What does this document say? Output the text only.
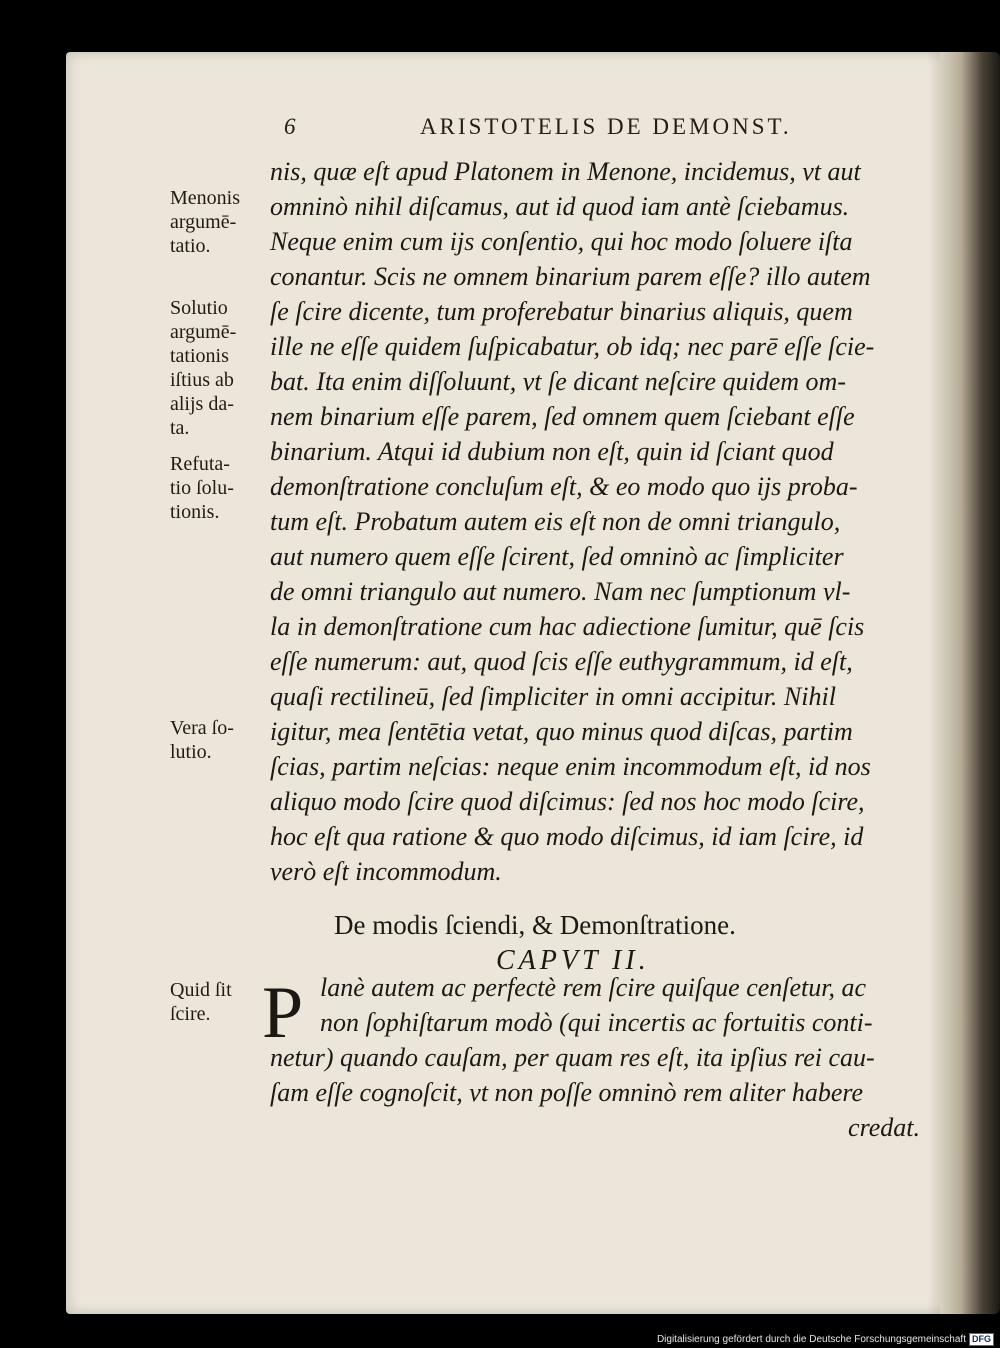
6	ARISTOTELIS DE DEMONST.
Menonis
argumē-
tatio.
Solutio
argumē-
tationis
iſtius ab
alijs da-
ta.
Refuta-
tio ſolu-
tionis.
Vera ſo-
lutio.
Quid ſit
ſcire.
nis, quæ eſt apud Platonem in Menone, incidemus, vt aut
omninò nihil diſcamus, aut id quod iam antè ſciebamus.
Neque enim cum ijs conſentio, qui hoc modo ſoluere iſta
conantur. Scis ne omnem binarium parem eſſe? illo autem
ſe ſcire dicente, tum proferebatur binarius aliquis, quem
ille ne eſſe quidem ſuſpicabatur, ob idq; nec parē eſſe ſcie-
bat. Ita enim diſſoluunt, vt ſe dicant neſcire quidem om-
nem binarium eſſe parem, ſed omnem quem ſciebant eſſe
binarium. Atqui id dubium non eſt, quin id ſciant quod
demonſtratione concluſum eſt, & eo modo quo ijs proba-
tum eſt. Probatum autem eis eſt non de omni triangulo,
aut numero quem eſſe ſcirent, ſed omninò ac ſimpliciter
de omni triangulo aut numero. Nam nec ſumptionum vl-
la in demonſtratione cum hac adiectione ſumitur, quē ſcis
eſſe numerum: aut, quod ſcis eſſe euthygrammum, id eſt,
quaſi rectilineū, ſed ſimpliciter in omni accipitur. Nihil
igitur, mea ſentētia vetat, quo minus quod diſcas, partim
ſcias, partim neſcias: neque enim incommodum eſt, id nos
aliquo modo ſcire quod diſcimus: ſed nos hoc modo ſcire,
hoc eſt qua ratione & quo modo diſcimus, id iam ſcire, id
verò eſt incommodum.
De modis ſciendi, & Demonſtratione.
CAPVT II.
P lanè autem ac perfectè rem ſcire quiſque cenſetur, ac
non ſophiſtarum modò (qui incertis ac fortuitis conti-
netur) quando cauſam, per quam res eſt, ita ipſius rei cau-
ſam eſſe cognoſcit, vt non poſſe omninò rem aliter habere
credat.
Digitalisierung gefördert durch die Deutsche Forschungsgemeinschaft DFG
